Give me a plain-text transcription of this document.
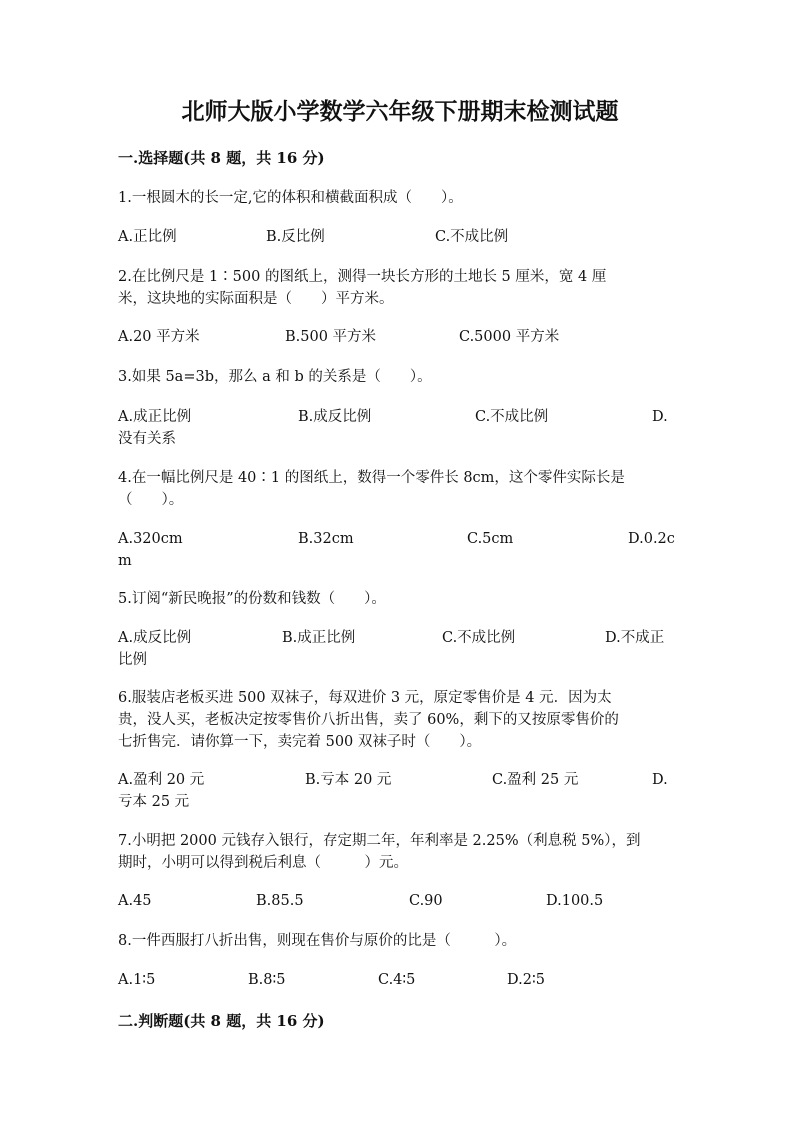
北师大版小学数学六年级下册期末检测试题
一.选择题(共 8 题，共 16 分)
1.一根圆木的长一定,它的体积和横截面积成（　　）。
A.正比例	B.反比例	C.不成比例
2.在比例尺是 1∶500 的图纸上，测得一块长方形的土地长 5 厘米，宽 4 厘
米，这块地的实际面积是（　　）平方米。
A.20 平方米	B.500 平方米	C.5000 平方米
3.如果 5a=3b，那么 a 和 b 的关系是（　　）。
A.成正比例	B.成反比例	C.不成比例	D.
没有关系
4.在一幅比例尺是 40∶1 的图纸上，数得一个零件长 8cm，这个零件实际长是
（　　）。
A.320cm	B.32cm	C.5cm	D.0.2c
m
5.订阅“新民晚报”的份数和钱数（　　）。
A.成反比例	B.成正比例	C.不成比例	D.不成正
比例
6.服装店老板买进 500 双袜子，每双进价 3 元，原定零售价是 4 元．因为太
贵，没人买，老板决定按零售价八折出售，卖了 60%，剩下的又按原零售价的
七折售完．请你算一下，卖完着 500 双袜子时（　　）。
A.盈利 20 元	B.亏本 20 元	C.盈利 25 元	D.
亏本 25 元
7.小明把 2000 元钱存入银行，存定期二年，年利率是 2.25%（利息税 5%），到
期时，小明可以得到税后利息（　　　）元。
A.45	B.85.5	C.90	D.100.5
8.一件西服打八折出售，则现在售价与原价的比是（　　　）。
A.1∶5	B.8∶5	C.4∶5	D.2∶5
二.判断题(共 8 题，共 16 分)
